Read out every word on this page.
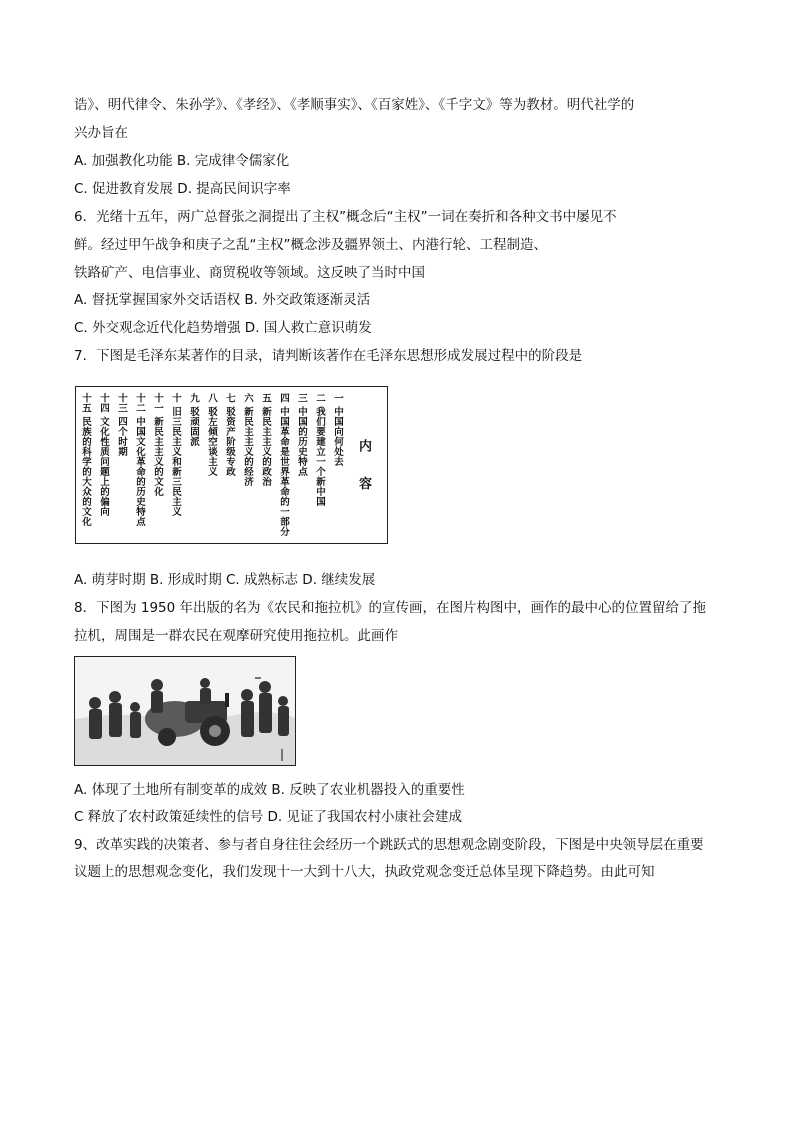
诰》、明代律令、朱孙学》、《孝经》、《孝顺事实》、《百家姓》、《千字文》等为教材。明代社学的
兴办旨在
A. 加强教化功能 B. 完成律令儒家化
C. 促进教育发展 D. 提高民间识字率
6．光绪十五年，两广总督张之洞提出了主权”概念后“主权”一词在奏折和各种文书中屡见不
鲜。经过甲午战争和庚子之乱“主权”概念涉及疆界领土、内港行轮、工程制造、
铁路矿产、电信事业、商贸税收等领域。这反映了当时中国
A. 督抚掌握国家外交话语权 B. 外交政策逐渐灵活
C. 外交观念近代化趋势增强 D. 国人救亡意识萌发
7．下图是毛泽东某著作的目录，请判断该著作在毛泽东思想形成发展过程中的阶段是
内 容
一 中国向何处去
二 我们要建立一个新中国
三 中国的历史特点
四 中国革命是世界革命的一部分
五 新民主主义的政治
六 新民主主义的经济
七 驳资产阶级专政
八 驳左倾空谈主义
九 驳顽固派
十 旧三民主义和新三民主义
十一 新民主主义的文化
十二 中国文化革命的历史特点
十三 四个时期
十四 文化性质问题上的偏向
十五 民族的科学的大众的文化
A. 萌芽时期 B. 形成时期 C. 成熟标志 D. 继续发展
8．下图为 1950 年出版的名为《农民和拖拉机》的宣传画，在图片构图中，画作的最中心的位置留给了拖
拉机，周围是一群农民在观摩研究使用拖拉机。此画作
A. 体现了土地所有制变革的成效 B. 反映了农业机器投入的重要性
C 释放了农村政策延续性的信号 D. 见证了我国农村小康社会建成
9、改革实践的决策者、参与者自身往往会经历一个跳跃式的思想观念剧变阶段，下图是中央领导层在重要
议题上的思想观念变化，我们发现十一大到十八大，执政党观念变迁总体呈现下降趋势。由此可知
